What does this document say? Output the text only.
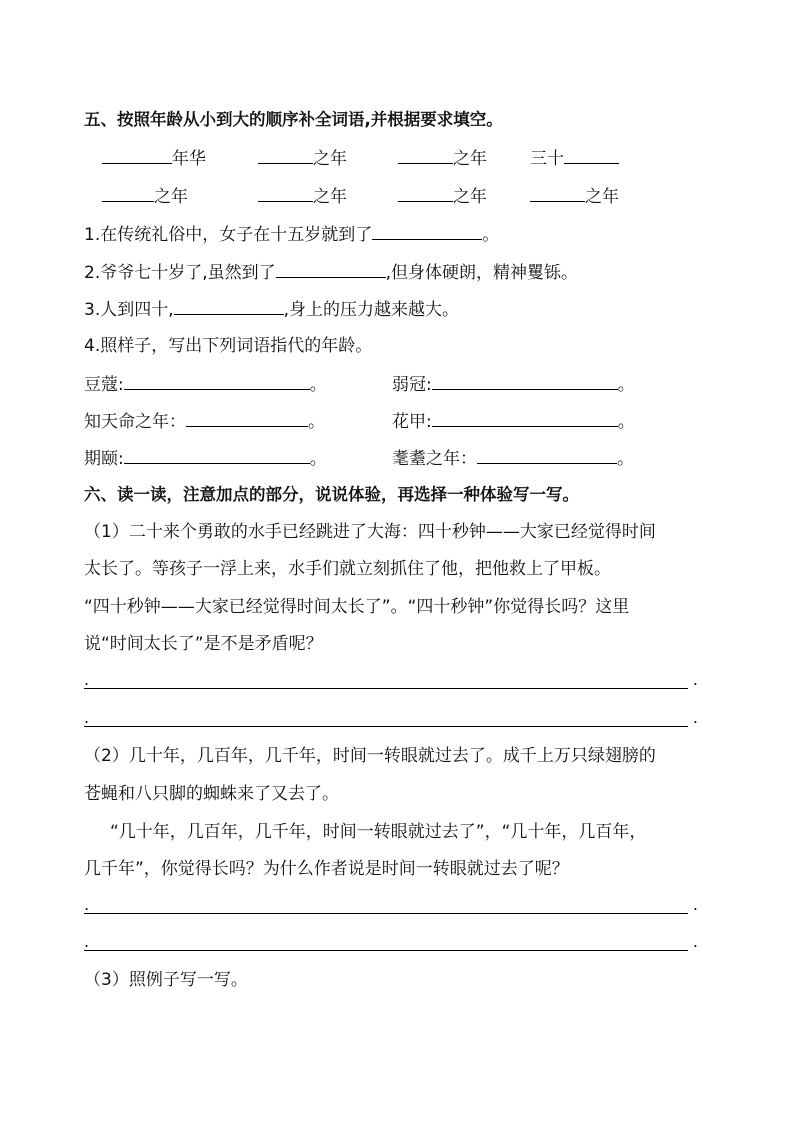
五、按照年龄从小到大的顺序补全词语,并根据要求填空。
年华	之年	之年	三十
之年	之年	之年	之年
1.在传统礼俗中，女子在十五岁就到了	。
2.爷爷七十岁了,虽然到了	,但身体硬朗，精神矍铄。
3.人到四十,	,身上的压力越来越大。
4.照样子，写出下列词语指代的年龄。
豆蔻:	。	弱冠:	。
知天命之年：	。	花甲:	。
期颐:	。	耄耋之年：	。
六、读一读，注意加点的部分，说说体验，再选择一种体验写一写。
（1）二十来个勇敢的水手已经跳进了大海：四十秒钟——大家已经觉得时间
太长了。等孩子一浮上来，水手们就立刻抓住了他，把他救上了甲板。
“四十秒钟——大家已经觉得时间太长了”。“四十秒钟”你觉得长吗？这里
说“时间太长了”是不是矛盾呢？
.	.
.	.
（2）几十年，几百年，几千年，时间一转眼就过去了。成千上万只绿翅膀的
苍蝇和八只脚的蜘蛛来了又去了。
“几十年，几百年，几千年，时间一转眼就过去了”，“几十年，几百年，
几千年”，你觉得长吗？为什么作者说是时间一转眼就过去了呢？
.	.
.	.
（3）照例子写一写。
